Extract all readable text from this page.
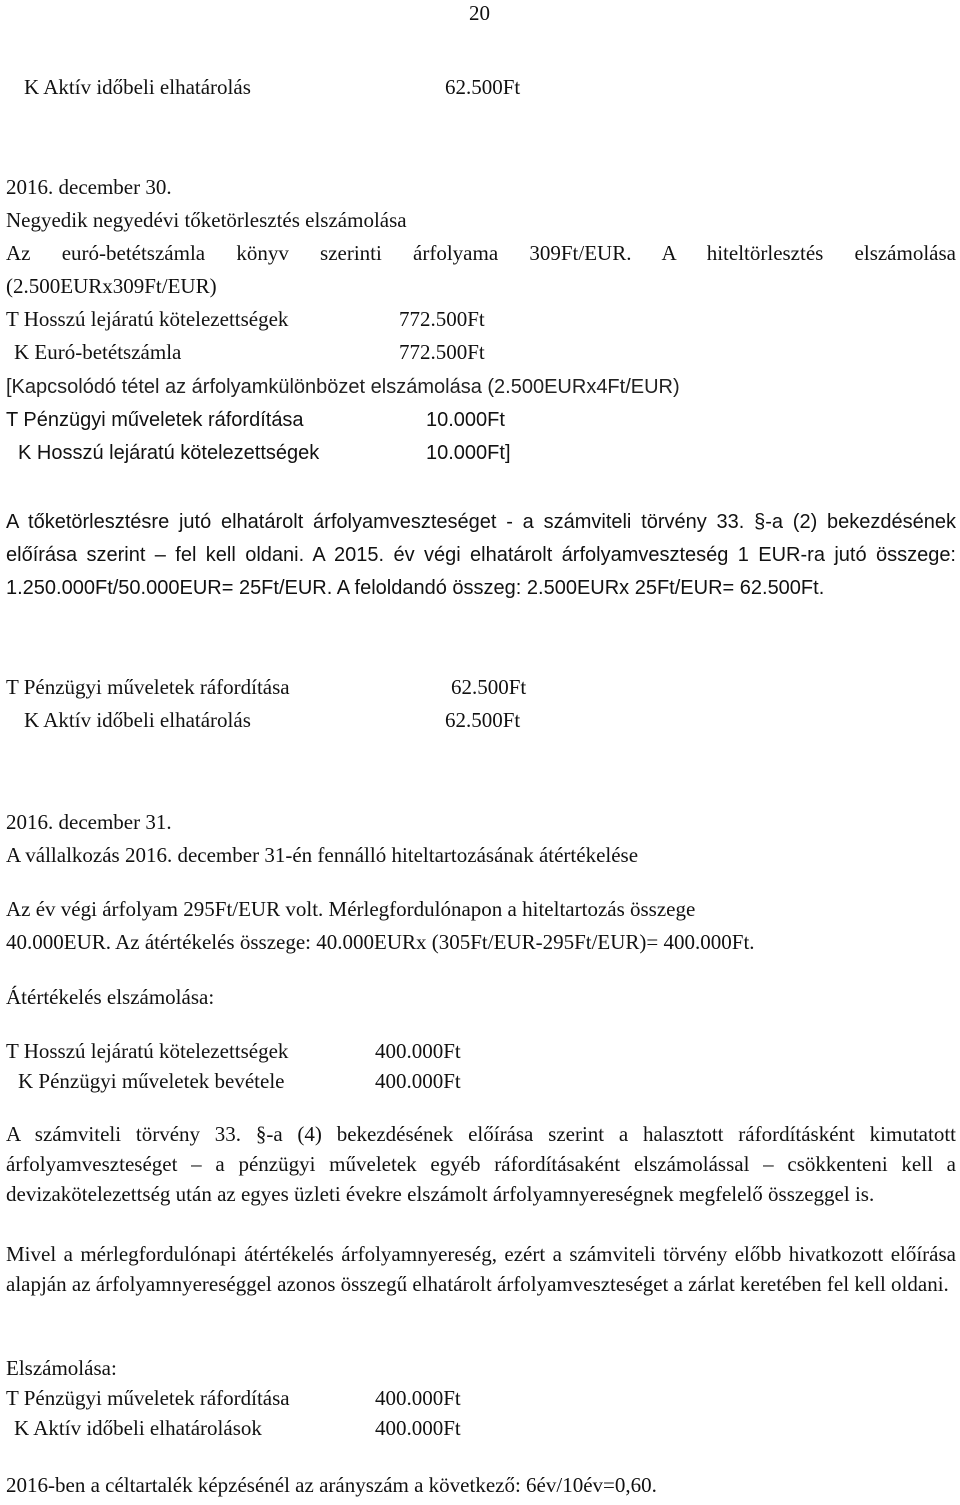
20
K Aktív időbeli elhatárolás	62.500Ft
2016. december 30.
Negyedik negyedévi tőketörlesztés elszámolása
Az euró-betétszámla könyv szerinti árfolyama 309Ft/EUR. A hiteltörlesztés elszámolása
(2.500EURx309Ft/EUR)
T Hosszú lejáratú kötelezettségek	772.500Ft
K Euró-betétszámla	772.500Ft
[Kapcsolódó tétel az árfolyamkülönbözet elszámolása (2.500EURx4Ft/EUR)
T Pénzügyi műveletek ráfordítása	10.000Ft
K Hosszú lejáratú kötelezettségek	10.000Ft]
A tőketörlesztésre jutó elhatárolt árfolyamveszteséget - a számviteli törvény 33. §-a (2) bekezdésének előírása szerint – fel kell oldani. A 2015. év végi elhatárolt árfolyamveszteség 1 EUR-ra jutó összege: 1.250.000Ft/50.000EUR= 25Ft/EUR. A feloldandó összeg: 2.500EURx 25Ft/EUR= 62.500Ft.
T Pénzügyi műveletek ráfordítása	62.500Ft
K Aktív időbeli elhatárolás	62.500Ft
2016. december 31.
A vállalkozás 2016. december 31-én fennálló hiteltartozásának átértékelése
Az év végi árfolyam 295Ft/EUR volt. Mérlegfordulónapon a hiteltartozás összege
40.000EUR. Az átértékelés összege: 40.000EURx (305Ft/EUR-295Ft/EUR)= 400.000Ft.
Átértékelés elszámolása:
T Hosszú lejáratú kötelezettségek	400.000Ft
K Pénzügyi műveletek bevétele	400.000Ft
A számviteli törvény 33. §-a (4) bekezdésének előírása szerint a halasztott ráfordításként kimutatott árfolyamveszteséget – a pénzügyi műveletek egyéb ráfordításaként elszámolással – csökkenteni kell a devizakötelezettség után az egyes üzleti évekre elszámolt árfolyamnyereségnek megfelelő összeggel is.
Mivel a mérlegfordulónapi átértékelés árfolyamnyereség, ezért a számviteli törvény előbb hivatkozott előírása alapján az árfolyamnyereséggel azonos összegű elhatárolt árfolyamveszteséget a zárlat keretében fel kell oldani.
Elszámolása:
T Pénzügyi műveletek ráfordítása	400.000Ft
K Aktív időbeli elhatárolások	400.000Ft
2016-ben a céltartalék képzésénél az arányszám a következő: 6év/10év=0,60.
